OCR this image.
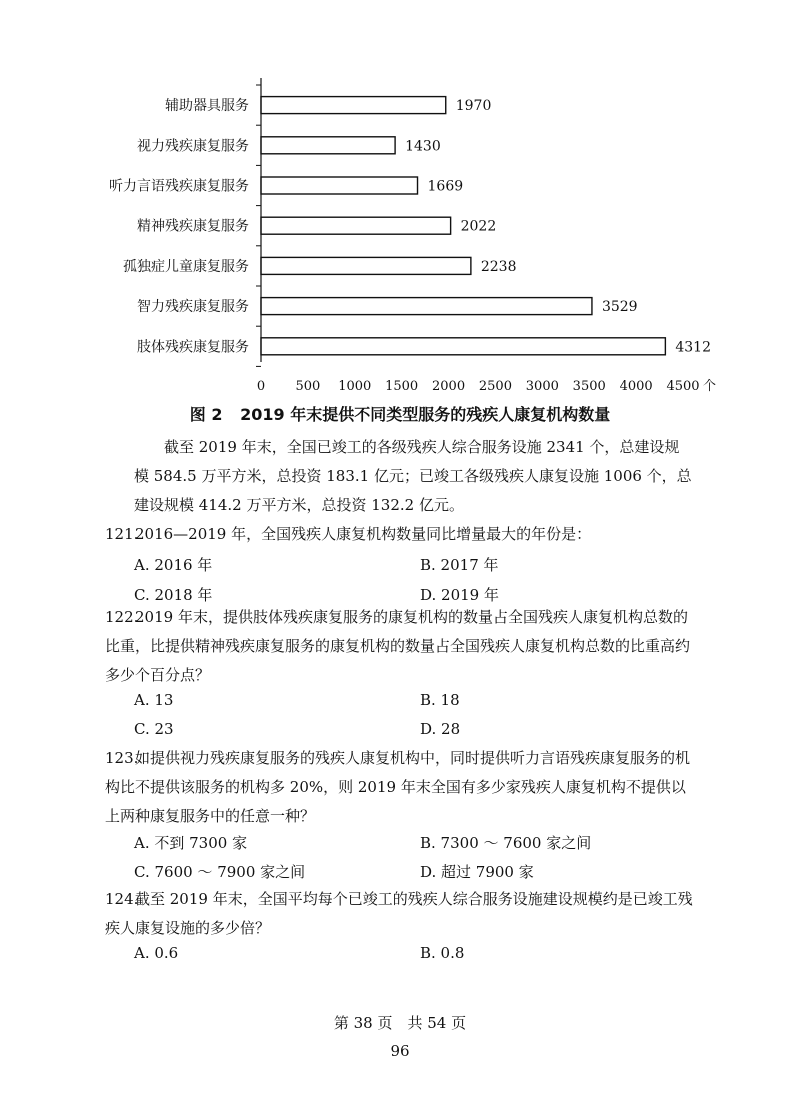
辅助器具服务
视力残疾康复服务
听力言语残疾康复服务
精神残疾康复服务
孤独症儿童康复服务
智力残疾康复服务
肢体残疾康复服务
1970
1430
1669
2022
2238
3529
4312
0 500 1000 1500 2000 2500 3000 3500 4000 4500 个
图 2 2019 年末提供不同类型服务的残疾人康复机构数量
截至 2019 年末，全国已竣工的各级残疾人综合服务设施 2341 个，总建设规模 584.5 万平方米，总投资 183.1 亿元；已竣工各级残疾人康复设施 1006 个，总建设规模 414.2 万平方米，总投资 132.2 亿元。
121.2016—2019 年，全国残疾人康复机构数量同比增量最大的年份是：
A. 2016 年	B. 2017 年
C. 2018 年	D. 2019 年
122.2019 年末，提供肢体残疾康复服务的康复机构的数量占全国残疾人康复机构总数的比重，比提供精神残疾康复服务的康复机构的数量占全国残疾人康复机构总数的比重高约多少个百分点？
A. 13	B. 18
C. 23	D. 28
123.如提供视力残疾康复服务的残疾人康复机构中，同时提供听力言语残疾康复服务的机构比不提供该服务的机构多 20%，则 2019 年末全国有多少家残疾人康复机构不提供以上两种康复服务中的任意一种？
A. 不到 7300 家	B. 7300 ～ 7600 家之间
C. 7600 ～ 7900 家之间	D. 超过 7900 家
124.截至 2019 年末，全国平均每个已竣工的残疾人综合服务设施建设规模约是已竣工残疾人康复设施的多少倍？
A. 0.6	B. 0.8
第 38 页　共 54 页
96
